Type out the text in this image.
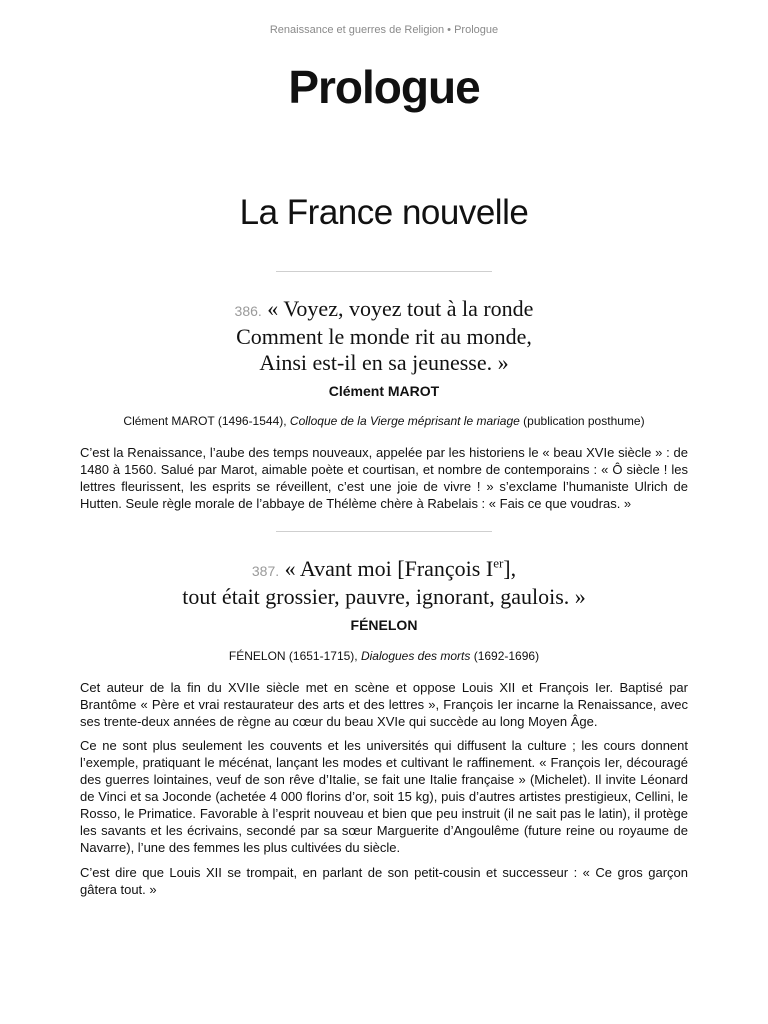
Renaissance et guerres de Religion • Prologue
Prologue
La France nouvelle
386. « Voyez, voyez tout à la ronde
Comment le monde rit au monde,
Ainsi est-il en sa jeunesse. »
Clément MAROT
Clément MAROT (1496-1544), Colloque de la Vierge méprisant le mariage (publication posthume)

C’est la Renaissance, l’aube des temps nouveaux, appelée par les historiens le « beau XVIe siècle » : de 1480 à 1560. Salué par Marot, aimable poète et courtisan, et nombre de contemporains : « Ô siècle ! les lettres fleurissent, les esprits se réveillent, c’est une joie de vivre ! » s’exclame l’humaniste Ulrich de Hutten. Seule règle morale de l’abbaye de Thélème chère à Rabelais : « Fais ce que voudras. »

387. « Avant moi [François Ier],
tout était grossier, pauvre, ignorant, gaulois. »
FÉNELON
FÉNELON (1651-1715), Dialogues des morts (1692-1696)

Cet auteur de la fin du XVIIe siècle met en scène et oppose Louis XII et François Ier. Baptisé par Brantôme « Père et vrai restaurateur des arts et des lettres », François Ier incarne la Renaissance, avec ses trente-deux années de règne au cœur du beau XVIe qui succède au long Moyen Âge.

Ce ne sont plus seulement les couvents et les universités qui diffusent la culture ; les cours donnent l’exemple, pratiquant le mécénat, lançant les modes et cultivant le raffinement. « François Ier, découragé des guerres lointaines, veuf de son rêve d’Italie, se fait une Italie française » (Michelet). Il invite Léonard de Vinci et sa Joconde (achetée 4 000 florins d’or, soit 15 kg), puis d’autres artistes prestigieux, Cellini, le Rosso, le Primatice. Favorable à l’esprit nouveau et bien que peu instruit (il ne sait pas le latin), il protège les savants et les écrivains, secondé par sa sœur Marguerite d’Angoulême (future reine ou royaume de Navarre), l’une des femmes les plus cultivées du siècle.

C’est dire que Louis XII se trompait, en parlant de son petit-cousin et successeur : « Ce gros garçon gâtera tout. »
